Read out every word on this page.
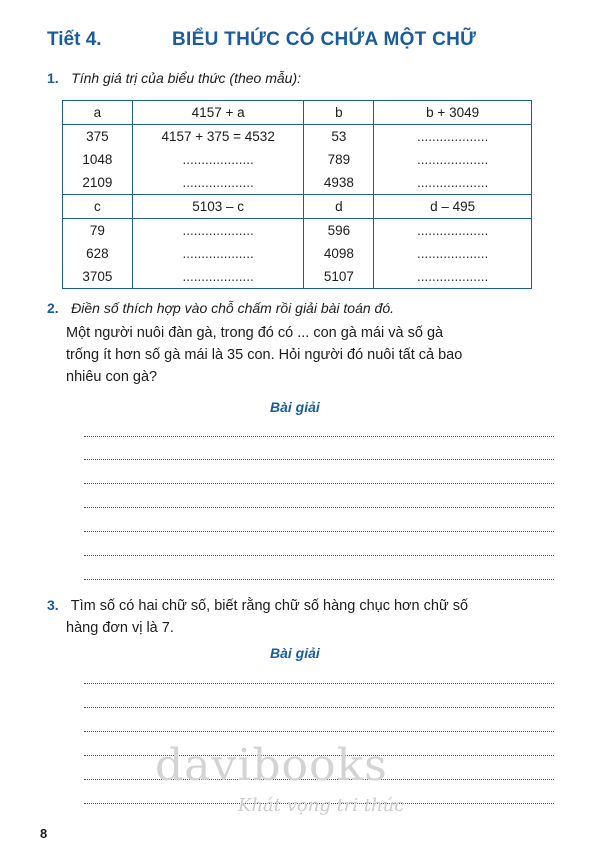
Tiết 4.	BIỂU THỨC CÓ CHỨA MỘT CHỮ
1. Tính giá trị của biểu thức (theo mẫu):
a	4157 + a	b	b + 3049
375	4157 + 375 = 4532	53	...................
1048	...................	789	...................
2109	...................	4938	...................
c	5103 – c	d	d – 495
79	...................	596	...................
628	...................	4098	...................
3705	...................	5107	...................
2. Điền số thích hợp vào chỗ chấm rồi giải bài toán đó.
Một người nuôi đàn gà, trong đó có ... con gà mái và số gà
trống ít hơn số gà mái là 35 con. Hỏi người đó nuôi tất cả bao
nhiêu con gà?
Bài giải
3. Tìm số có hai chữ số, biết rằng chữ số hàng chục hơn chữ số
hàng đơn vị là 7.
Bài giải
davibooks
Khát vọng tri thức
8
